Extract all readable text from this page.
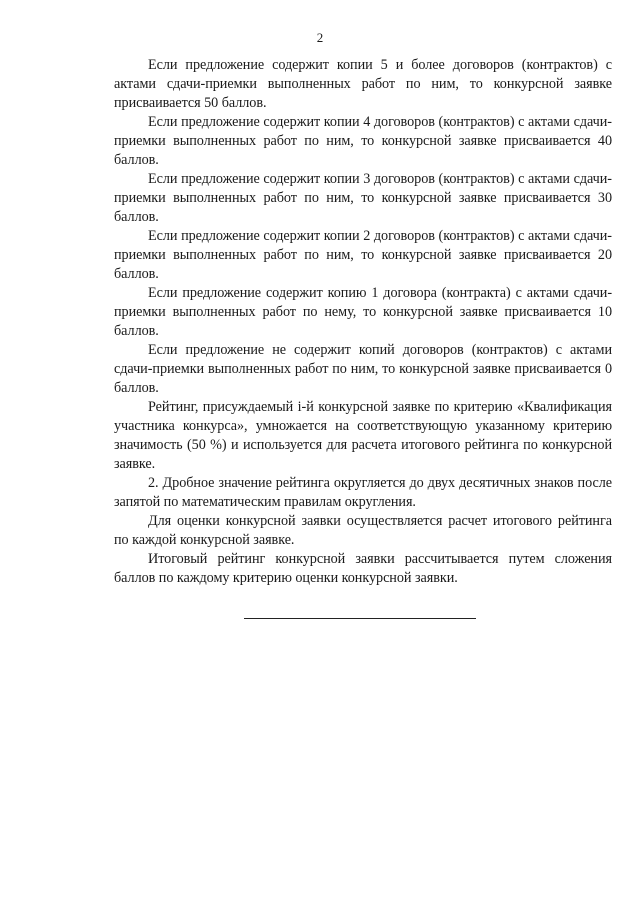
2

Если предложение содержит копии 5 и более договоров (контрактов) с актами сдачи-приемки выполненных работ по ним, то конкурсной заявке присваивается 50 баллов.

Если предложение содержит копии 4 договоров (контрактов) с актами сдачи-приемки выполненных работ по ним, то конкурсной заявке присваивается 40 баллов.

Если предложение содержит копии 3 договоров (контрактов) с актами сдачи-приемки выполненных работ по ним, то конкурсной заявке присваивается 30 баллов.

Если предложение содержит копии 2 договоров (контрактов) с актами сдачи-приемки выполненных работ по ним, то конкурсной заявке присваивается 20 баллов.

Если предложение содержит копию 1 договора (контракта) с актами сдачи-приемки выполненных работ по нему, то конкурсной заявке присваивается 10 баллов.

Если предложение не содержит копий договоров (контрактов) с актами сдачи-приемки выполненных работ по ним, то конкурсной заявке присваивается 0 баллов.

Рейтинг, присуждаемый i-й конкурсной заявке по критерию «Квалификация участника конкурса», умножается на соответствующую указанному критерию значимость (50 %) и используется для расчета итогового рейтинга по конкурсной заявке.

2. Дробное значение рейтинга округляется до двух десятичных знаков после запятой по математическим правилам округления.

Для оценки конкурсной заявки осуществляется расчет итогового рейтинга по каждой конкурсной заявке.

Итоговый рейтинг конкурсной заявки рассчитывается путем сложения баллов по каждому критерию оценки конкурсной заявки.
